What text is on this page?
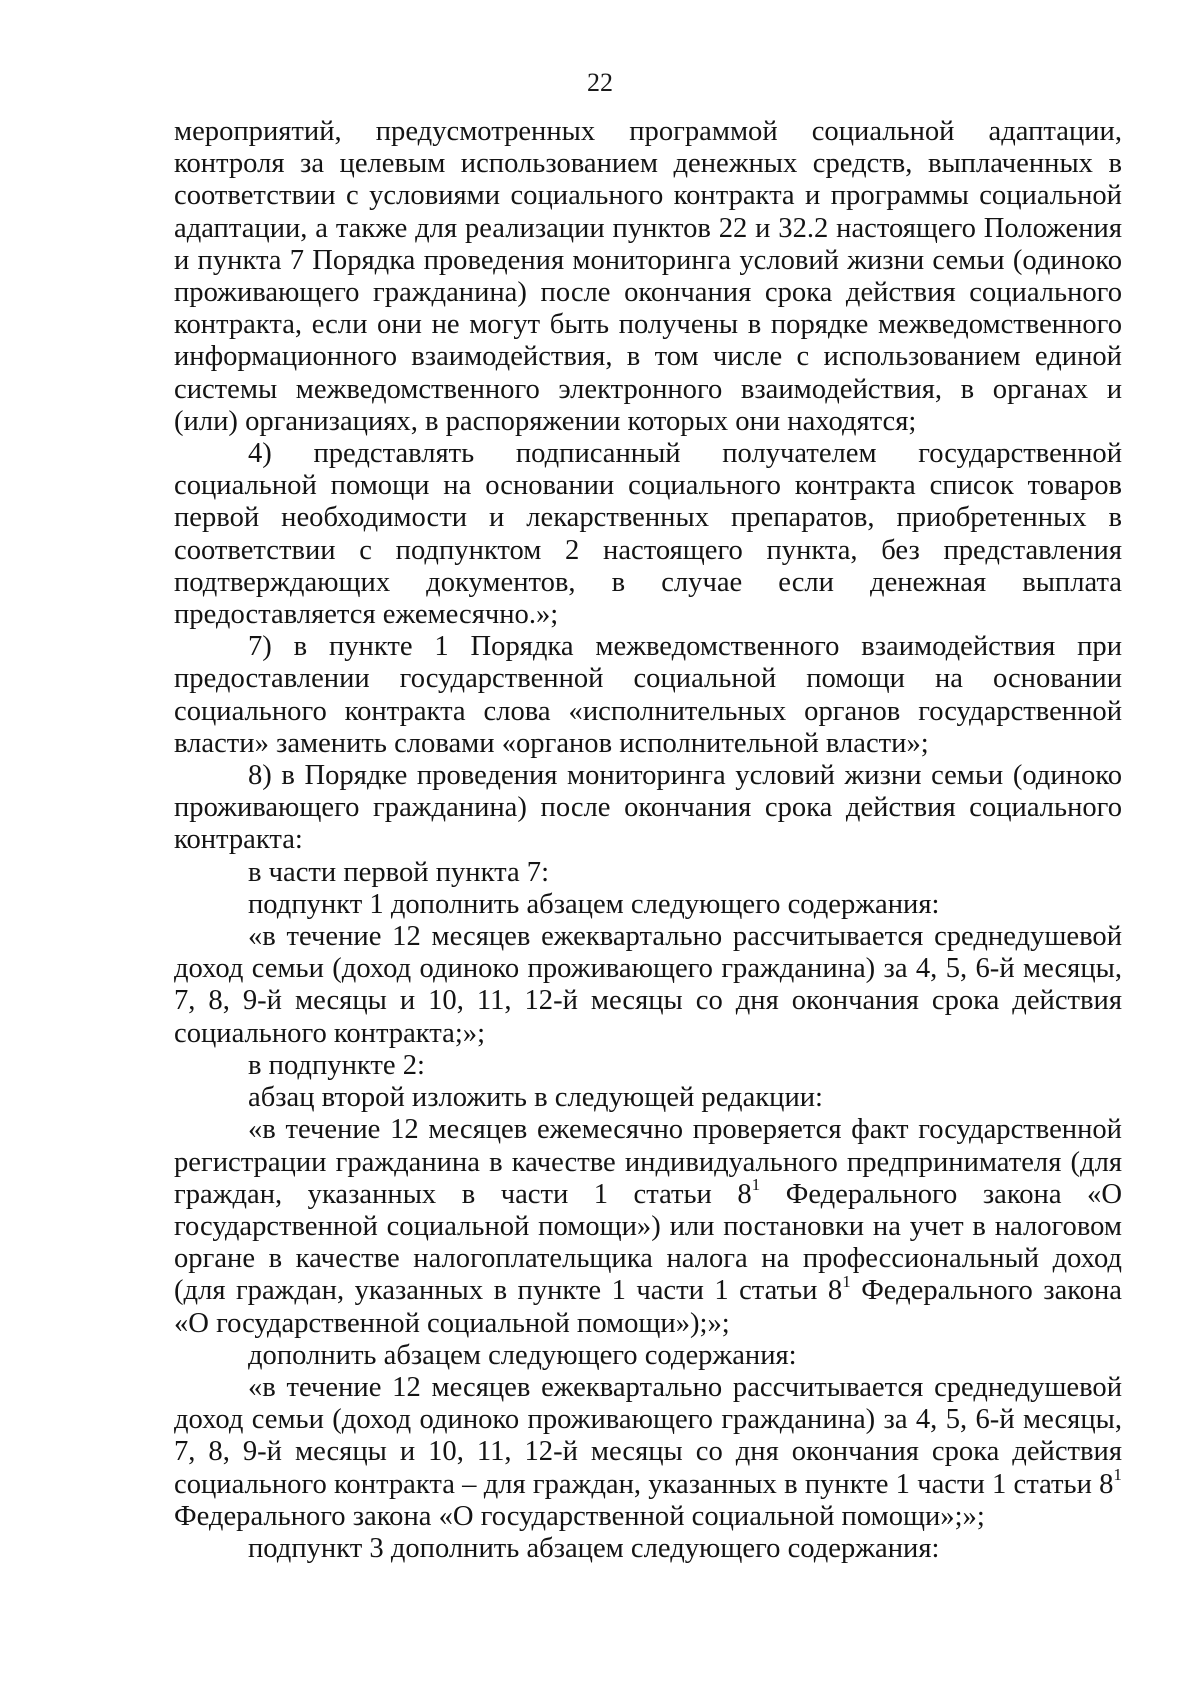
22

мероприятий, предусмотренных программой социальной адаптации, контроля за целевым использованием денежных средств, выплаченных в соответствии с условиями социального контракта и программы социальной адаптации, а также для реализации пунктов 22 и 32.2 настоящего Положения и пункта 7 Порядка проведения мониторинга условий жизни семьи (одиноко проживающего гражданина) после окончания срока действия социального контракта, если они не могут быть получены в порядке межведомственного информационного взаимодействия, в том числе с использованием единой системы межведомственного электронного взаимодействия, в органах и (или) организациях, в распоряжении которых они находятся;

4) представлять подписанный получателем государственной социальной помощи на основании социального контракта список товаров первой необходимости и лекарственных препаратов, приобретенных в соответствии с подпунктом 2 настоящего пункта, без представления подтверждающих документов, в случае если денежная выплата предоставляется ежемесячно.»;

7) в пункте 1 Порядка межведомственного взаимодействия при предоставлении государственной социальной помощи на основании социального контракта слова «исполнительных органов государственной власти» заменить словами «органов исполнительной власти»;

8) в Порядке проведения мониторинга условий жизни семьи (одиноко проживающего гражданина) после окончания срока действия социального контракта:

в части первой пункта 7:

подпункт 1 дополнить абзацем следующего содержания:

«в течение 12 месяцев ежеквартально рассчитывается среднедушевой доход семьи (доход одиноко проживающего гражданина) за 4, 5, 6-й месяцы, 7, 8, 9-й месяцы и 10, 11, 12-й месяцы со дня окончания срока действия социального контракта;»;

в подпункте 2:

абзац второй изложить в следующей редакции:

«в течение 12 месяцев ежемесячно проверяется факт государственной регистрации гражданина в качестве индивидуального предпринимателя (для граждан, указанных в части 1 статьи $8^1$ Федерального закона «О государственной социальной помощи») или постановки на учет в налоговом органе в качестве налогоплательщика налога на профессиональный доход (для граждан, указанных в пункте 1 части 1 статьи $8^1$ Федерального закона «О государственной социальной помощи»);»;

дополнить абзацем следующего содержания:

«в течение 12 месяцев ежеквартально рассчитывается среднедушевой доход семьи (доход одиноко проживающего гражданина) за 4, 5, 6-й месяцы, 7, 8, 9-й месяцы и 10, 11, 12-й месяцы со дня окончания срока действия социального контракта – для граждан, указанных в пункте 1 части 1 статьи $8^1$ Федерального закона «О государственной социальной помощи»;»;

подпункт 3 дополнить абзацем следующего содержания:
